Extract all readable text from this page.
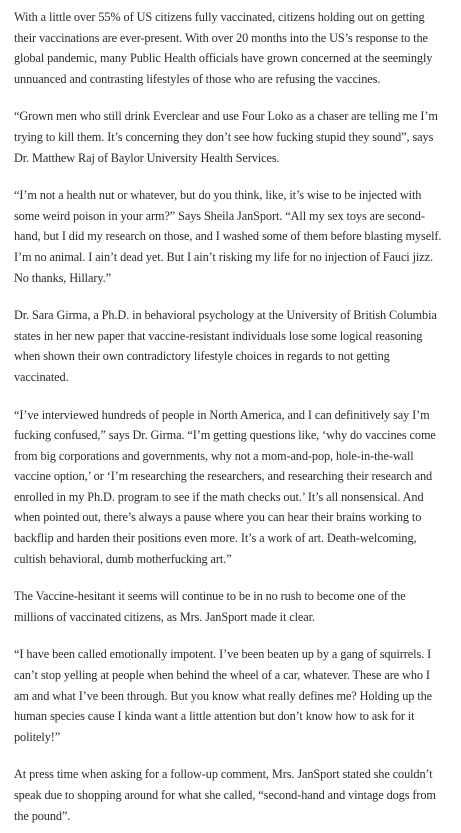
With a little over 55% of US citizens fully vaccinated, citizens holding out on getting their vaccinations are ever-present. With over 20 months into the US’s response to the global pandemic, many Public Health officials have grown concerned at the seemingly unnuanced and contrasting lifestyles of those who are refusing the vaccines.

“Grown men who still drink Everclear and use Four Loko as a chaser are telling me I’m trying to kill them. It’s concerning they don’t see how fucking stupid they sound”, says Dr. Matthew Raj of Baylor University Health Services.

“I’m not a health nut or whatever, but do you think, like, it’s wise to be injected with some weird poison in your arm?” Says Sheila JanSport. “All my sex toys are second-hand, but I did my research on those, and I washed some of them before blasting myself. I’m no animal. I ain’t dead yet. But I ain’t risking my life for no injection of Fauci jizz. No thanks, Hillary.”

Dr. Sara Girma, a Ph.D. in behavioral psychology at the University of British Columbia states in her new paper that vaccine-resistant individuals lose some logical reasoning when shown their own contradictory lifestyle choices in regards to not getting vaccinated.

“I’ve interviewed hundreds of people in North America, and I can definitively say I’m fucking confused,” says Dr. Girma. “I’m getting questions like, ‘why do vaccines come from big corporations and governments, why not a mom-and-pop, hole-in-the-wall vaccine option,’ or ‘I’m researching the researchers, and researching their research and enrolled in my Ph.D. program to see if the math checks out.’ It’s all nonsensical. And when pointed out, there’s always a pause where you can hear their brains working to backflip and harden their positions even more. It’s a work of art. Death-welcoming, cultish behavioral, dumb motherfucking art.”

The Vaccine-hesitant it seems will continue to be in no rush to become one of the millions of vaccinated citizens, as Mrs. JanSport made it clear.

“I have been called emotionally impotent. I’ve been beaten up by a gang of squirrels. I can’t stop yelling at people when behind the wheel of a car, whatever. These are who I am and what I’ve been through. But you know what really defines me? Holding up the human species cause I kinda want a little attention but don’t know how to ask for it politely!”

At press time when asking for a follow-up comment, Mrs. JanSport stated she couldn’t speak due to shopping around for what she called, “second-hand and vintage dogs from the pound”.
